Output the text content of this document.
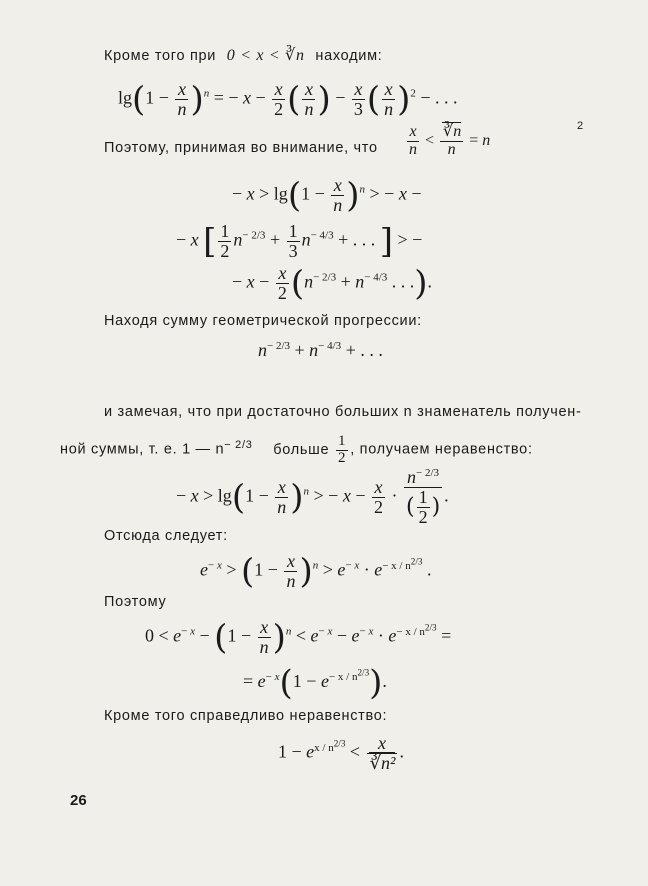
Кроме того при 0 < x < ∛n находим:
$\lg(1 - \frac{x}{n} )^n$ = − $x - \frac{x}{2}$ ( $\frac{x}{n}$ ) − $\frac{x}{3}$ ( $\frac{x}{n} )^2$ − . . .
2
Поэтому, принимая во внимание, что $\frac{x}{n} < \frac{∛n}{n} = n$
− $x > \lg(1 - \frac{x}{n} )^n$ > − x −
− x [ $\frac{1}{2} n^{- 2/3} + \frac{1}{3} n^{- 4/3}$ + . . . ] > −
− $x - \frac{x}{2} (n^{- 2/3} + n^{- 4/3}$ . . .).
Находя сумму геометрической прогрессии:
$n^{- 2/3} + n^{- 4/3}$ + . . .
и замечая, что при достаточно больших n знаменатель получен-
ной суммы, т. е. 1 — $n^{- 2/3}$ больше $\frac{1}{2}$ , получаем неравенство:
− $x > \lg(1 - \frac{x}{n} )^n$ > − $x - \frac{x}{2} \cdot \frac{n^{- 2/3}}{( \frac{1}{2} )}$ .
Отсюда следует:
$e^{- x} > (1 - \frac{x}{n} )^n > e^{- x} \cdot e^{- x / n^{2/3}}$ .
Поэтому
$0 < e^{- x} - (1 - \frac{x}{n} )^n < e^{- x} - e^{- x} \cdot e^{- x / n^{2/3}}$ =
= $e^{- x}(1 - e^{- x / n^{2/3}})$.
Кроме того справедливо неравенство:
$1 - e^{x / n^{2/3}} < \frac{x}{\text{∛n²}}$ .
26
